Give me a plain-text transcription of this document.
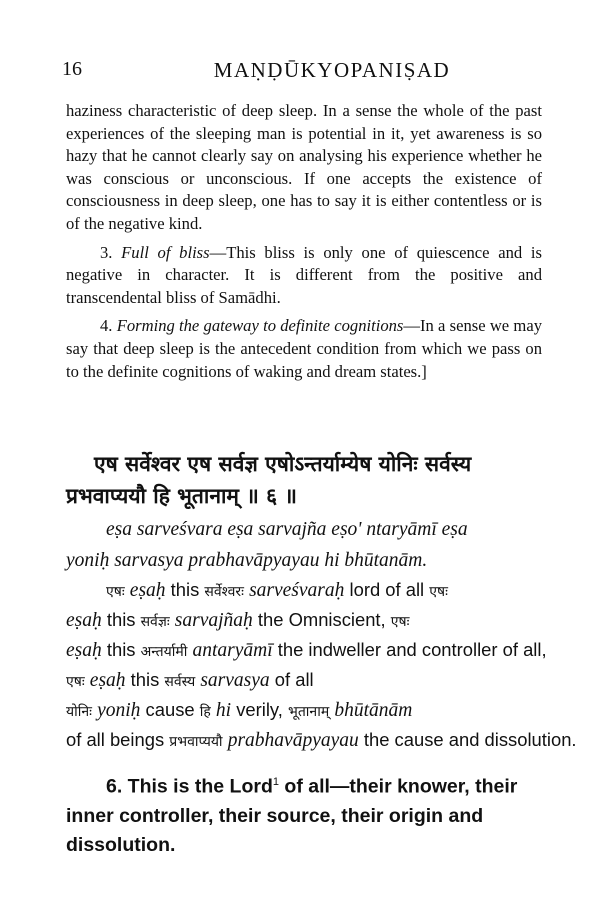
16	MAṆḌŪKYOPANIṢAD

haziness characteristic of deep sleep. In a sense the whole of the past experiences of the sleeping man is potential in it, yet awareness is so hazy that he cannot clearly say on analysing his experience whether he was conscious or unconscious. If one accepts the existence of consciousness in deep sleep, one has to say it is either contentless or is of the negative kind.

3. Full of bliss—This bliss is only one of quiescence and is negative in character. It is different from the positive and transcendental bliss of Samādhi.

4. Forming the gateway to definite cognitions—In a sense we may say that deep sleep is the antecedent condition from which we pass on to the definite cognitions of waking and dream states.]

एष सर्वेश्वर एष सर्वज्ञ एषोऽन्तर्याम्येष योनिः सर्वस्य
प्रभवाप्ययौ हि भूतानाम् ॥ ६ ॥
eṣa sarveśvara eṣa sarvajña eṣo' ntaryāmī eṣa
yoniḥ sarvasya prabhavāpyayau hi bhūtanām.
एषः eṣaḥ this सर्वेश्वरः sarveśvaraḥ lord of all एषः
eṣaḥ this सर्वज्ञः sarvajñaḥ the Omniscient, एषः
eṣaḥ this अन्तर्यामी antaryāmī the indweller and controller of all,
एषः eṣaḥ this सर्वस्य sarvasya of all
योनिः yoniḥ cause हि hi verily, भूतानाम् bhūtānām
of all beings प्रभवाप्ययौ prabhavāpyayau the cause and dissolution.
6. This is the Lord$^1$ of all—their knower, their
inner controller, their source, their origin and
dissolution.
